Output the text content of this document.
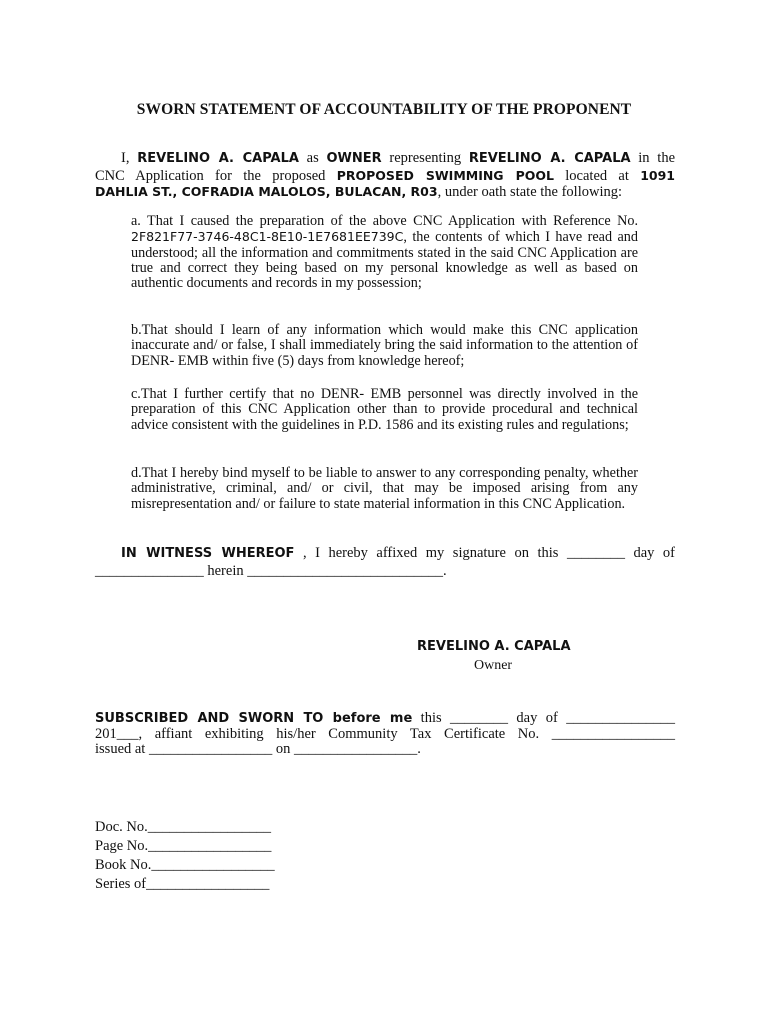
SWORN STATEMENT OF ACCOUNTABILITY OF THE PROPONENT
I, REVELINO A. CAPALA as OWNER representing REVELINO A. CAPALA in the
CNC Application for the proposed PROPOSED SWIMMING POOL located at 1091
DAHLIA ST., COFRADIA MALOLOS, BULACAN, R03, under oath state the following:
a. That I caused the preparation of the above CNC Application with Reference No. 2F821F77-3746-48C1-8E10-1E7681EE739C, the contents of which I have read and understood; all the information and commitments stated in the said CNC Application are true and correct they being based on my personal knowledge as well as based on authentic documents and records in my possession;
b.That should I learn of any information which would make this CNC application inaccurate and/ or false, I shall immediately bring the said information to the attention of DENR- EMB within five (5) days from knowledge hereof;
c.That I further certify that no DENR- EMB personnel was directly involved in the preparation of this CNC Application other than to provide procedural and technical advice consistent with the guidelines in P.D. 1586 and its existing rules and regulations;
d.That I hereby bind myself to be liable to answer to any corresponding penalty, whether administrative, criminal, and/ or civil, that may be imposed arising from any misrepresentation and/ or failure to state material information in this CNC Application.
IN WITNESS WHEREOF , I hereby affixed my signature on this ________ day of
_______________ herein ___________________________.
REVELINO A. CAPALA
Owner
SUBSCRIBED AND SWORN TO before me this ________ day of _______________
201___, affiant exhibiting his/her Community Tax Certificate No. _________________
issued at _________________ on _________________.
Doc. No._________________
Page No._________________
Book No._________________
Series of_________________
